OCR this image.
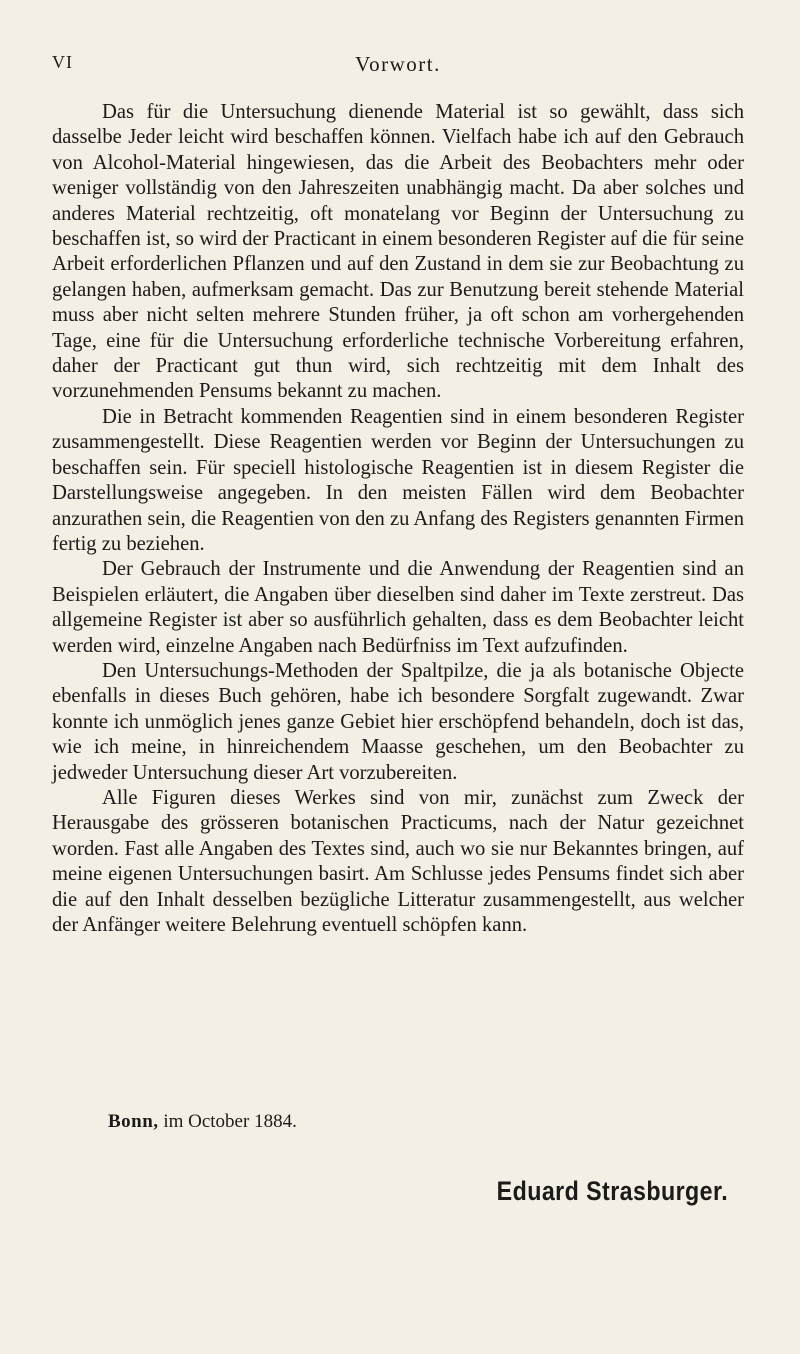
VI	Vorwort.

Das für die Untersuchung dienende Material ist so gewählt, dass sich dasselbe Jeder leicht wird beschaffen können. Vielfach habe ich auf den Gebrauch von Alcohol-Material hingewiesen, das die Arbeit des Beobachters mehr oder weniger vollständig von den Jahreszeiten unabhängig macht. Da aber solches und anderes Material rechtzeitig, oft monatelang vor Beginn der Untersuchung zu beschaffen ist, so wird der Practicant in einem besonderen Register auf die für seine Arbeit erforderlichen Pflanzen und auf den Zustand in dem sie zur Beobachtung zu gelangen haben, aufmerksam gemacht. Das zur Benutzung bereit stehende Material muss aber nicht selten mehrere Stunden früher, ja oft schon am vorhergehenden Tage, eine für die Untersuchung erforderliche technische Vorbereitung erfahren, daher der Practicant gut thun wird, sich rechtzeitig mit dem Inhalt des vorzunehmenden Pensums bekannt zu machen.

Die in Betracht kommenden Reagentien sind in einem besonderen Register zusammengestellt. Diese Reagentien werden vor Beginn der Untersuchungen zu beschaffen sein. Für speciell histologische Reagentien ist in diesem Register die Darstellungsweise angegeben. In den meisten Fällen wird dem Beobachter anzurathen sein, die Reagentien von den zu Anfang des Registers genannten Firmen fertig zu beziehen.

Der Gebrauch der Instrumente und die Anwendung der Reagentien sind an Beispielen erläutert, die Angaben über dieselben sind daher im Texte zerstreut. Das allgemeine Register ist aber so ausführlich gehalten, dass es dem Beobachter leicht werden wird, einzelne Angaben nach Bedürfniss im Text aufzufinden.

Den Untersuchungs-Methoden der Spaltpilze, die ja als botanische Objecte ebenfalls in dieses Buch gehören, habe ich besondere Sorgfalt zugewandt. Zwar konnte ich unmöglich jenes ganze Gebiet hier erschöpfend behandeln, doch ist das, wie ich meine, in hinreichendem Maasse geschehen, um den Beobachter zu jedweder Untersuchung dieser Art vorzubereiten.

Alle Figuren dieses Werkes sind von mir, zunächst zum Zweck der Herausgabe des grösseren botanischen Practicums, nach der Natur gezeichnet worden. Fast alle Angaben des Textes sind, auch wo sie nur Bekanntes bringen, auf meine eigenen Untersuchungen basirt. Am Schlusse jedes Pensums findet sich aber die auf den Inhalt desselben bezügliche Litteratur zusammengestellt, aus welcher der Anfänger weitere Belehrung eventuell schöpfen kann.

Bonn, im October 1884.
Eduard Strasburger.
